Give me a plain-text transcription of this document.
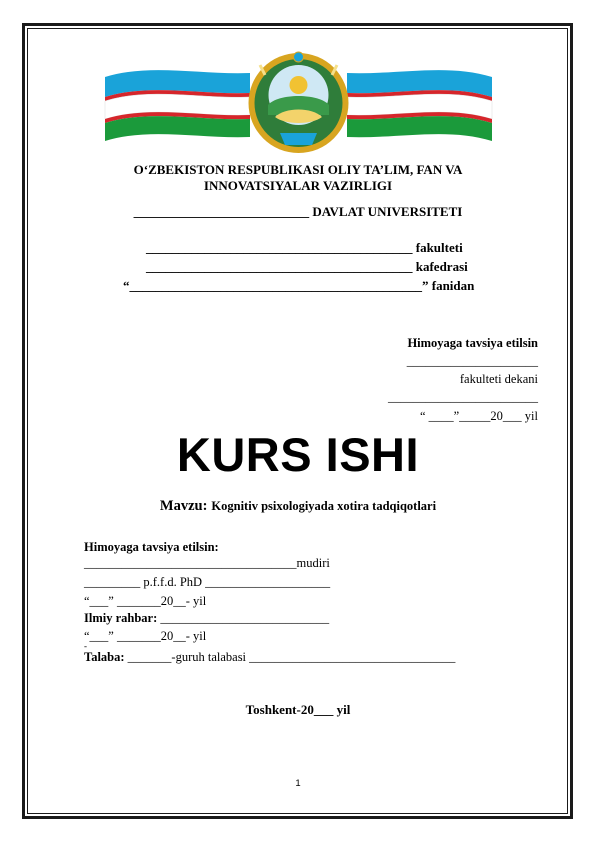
O‘ZBEKISTON RESPUBLIKASI OLIY TA’LIM, FAN VA
INNOVATSIYALAR VAZIRLIGI
___________________________ DAVLAT UNIVERSITETI
_________________________________________ fakulteti
_________________________________________ kafedrasi
“_____________________________________________” fanidan
Himoyaga tavsiya etilsin
_____________________
fakulteti dekani
________________________
“ ____”_____20___ yil
KURS ISHI
Mavzu: Kognitiv psixologiyada xotira tadqiqotlari
Himoyaga tavsiya etilsin:
__________________________________mudiri
_________ p.f.f.d. PhD ____________________
“___” _______20__- yil
Ilmiy rahbar: ___________________________
“___” _______20__- yil
-
Talaba: _______-guruh talabasi _________________________________
Toshkent-20___ yil
1
